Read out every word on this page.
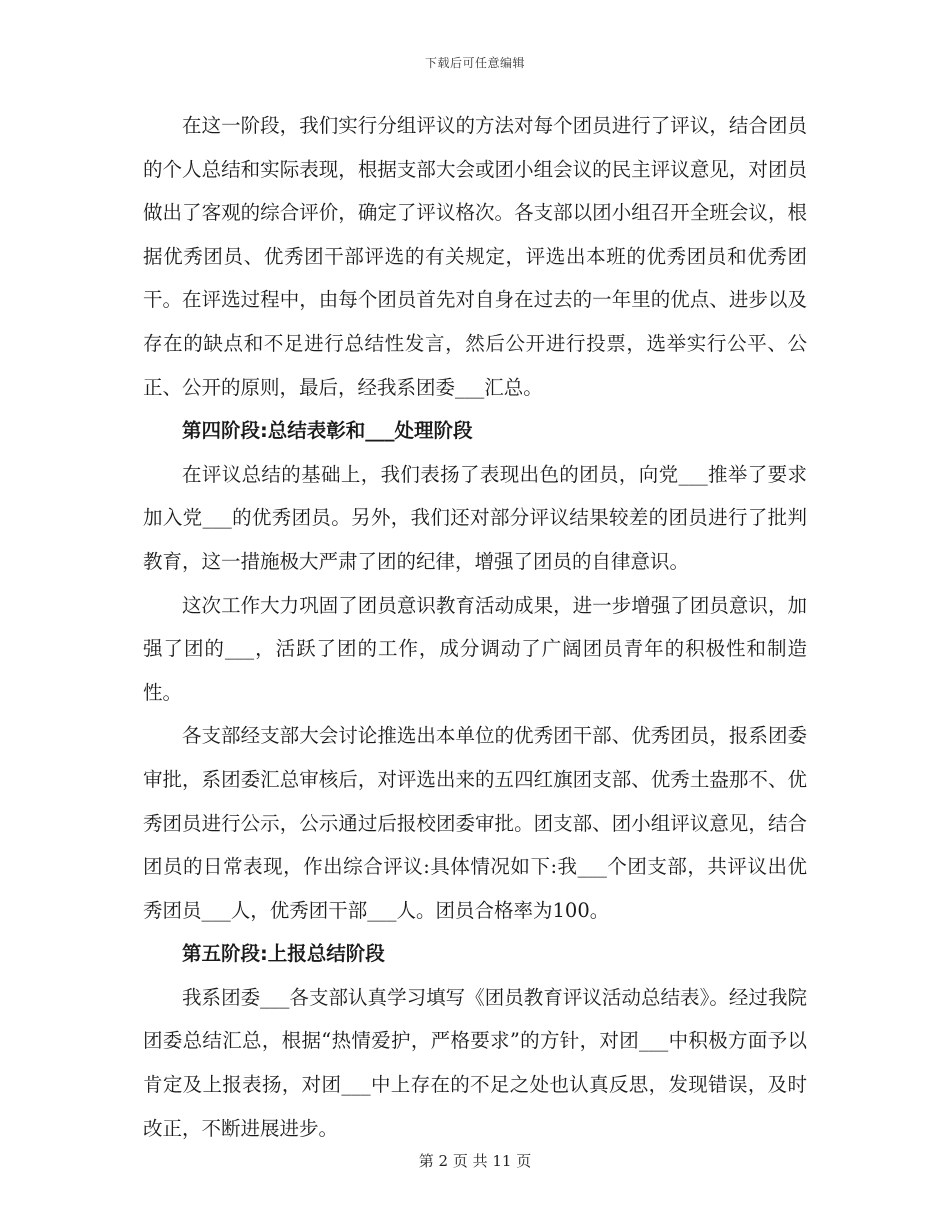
下载后可任意编辑

在这一阶段，我们实行分组评议的方法对每个团员进行了评议，结合团员的个人总结和实际表现，根据支部大会或团小组会议的民主评议意见，对团员做出了客观的综合评价，确定了评议格次。各支部以团小组召开全班会议，根据优秀团员、优秀团干部评选的有关规定，评选出本班的优秀团员和优秀团干。在评选过程中，由每个团员首先对自身在过去的一年里的优点、进步以及存在的缺点和不足进行总结性发言，然后公开进行投票，选举实行公平、公正、公开的原则，最后，经我系团委___汇总。

第四阶段:总结表彰和___处理阶段

在评议总结的基础上，我们表扬了表现出色的团员，向党___推举了要求加入党___的优秀团员。另外，我们还对部分评议结果较差的团员进行了批判教育，这一措施极大严肃了团的纪律，增强了团员的自律意识。

这次工作大力巩固了团员意识教育活动成果，进一步增强了团员意识，加强了团的___，活跃了团的工作，成分调动了广阔团员青年的积极性和制造性。

各支部经支部大会讨论推选出本单位的优秀团干部、优秀团员，报系团委审批，系团委汇总审核后，对评选出来的五四红旗团支部、优秀土盎那不、优秀团员进行公示，公示通过后报校团委审批。团支部、团小组评议意见，结合团员的日常表现，作出综合评议:具体情况如下:我___个团支部，共评议出优秀团员___人，优秀团干部___人。团员合格率为100。

第五阶段:上报总结阶段

我系团委___各支部认真学习填写《团员教育评议活动总结表》。经过我院团委总结汇总，根据“热情爱护，严格要求”的方针，对团___中积极方面予以肯定及上报表扬，对团___中上存在的不足之处也认真反思，发现错误，及时改正，不断进展进步。

第 2 页 共 11 页
